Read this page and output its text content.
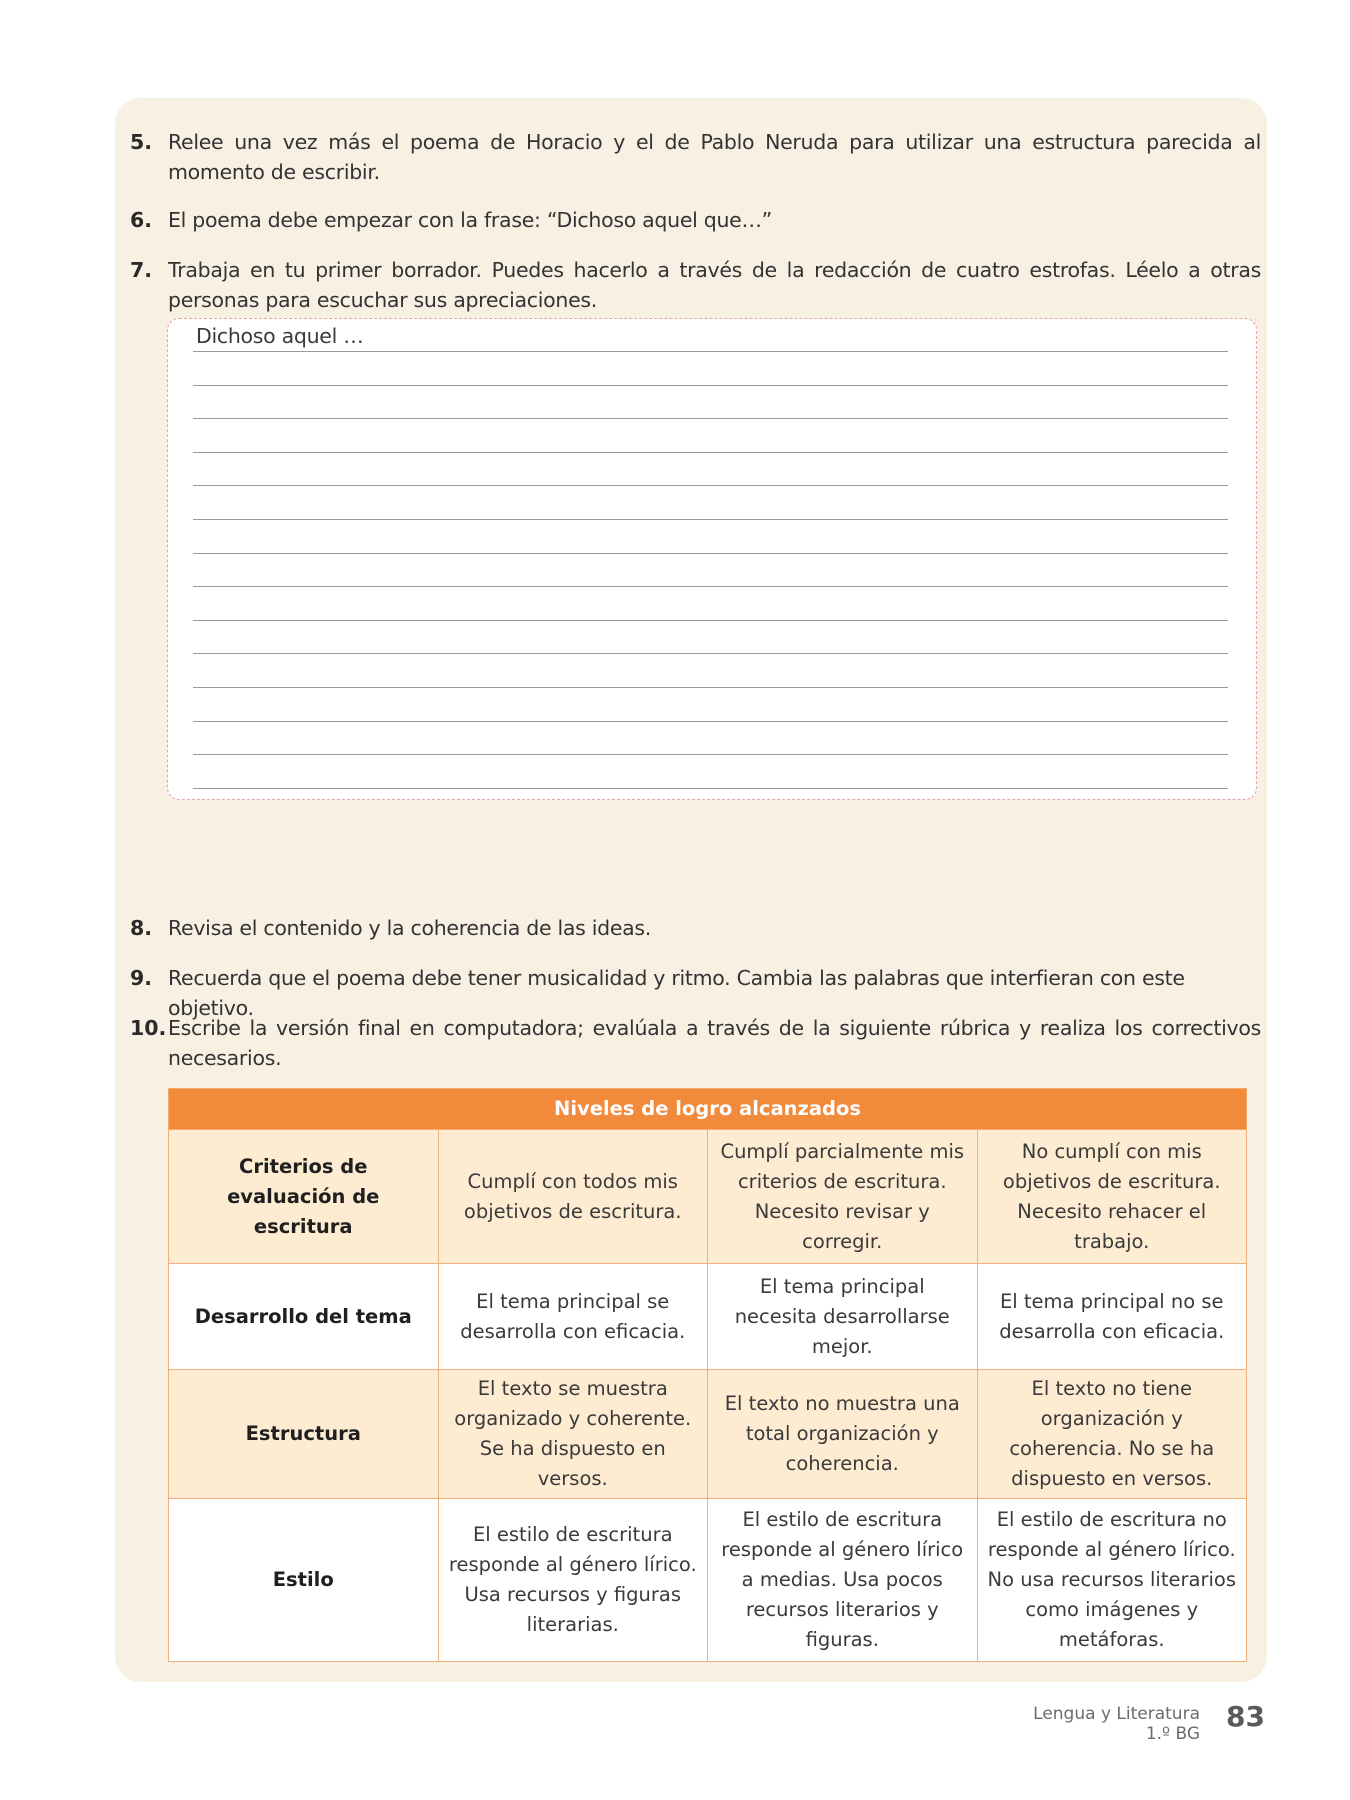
5. Relee una vez más el poema de Horacio y el de Pablo Neruda para utilizar una estructura parecida al momento de escribir.
6. El poema debe empezar con la frase: “Dichoso aquel que…”
7. Trabaja en tu primer borrador. Puedes hacerlo a través de la redacción de cuatro estrofas. Léelo a otras personas para escuchar sus apreciaciones.
Dichoso aquel …
8. Revisa el contenido y la coherencia de las ideas.
9. Recuerda que el poema debe tener musicalidad y ritmo. Cambia las palabras que interfieran con este objetivo.
10. Escribe la versión final en computadora; evalúala a través de la siguiente rúbrica y realiza los correctivos necesarios.
Niveles de logro alcanzados			
Criterios de evaluación de escritura	Cumplí con todos mis objetivos de escritura.	Cumplí parcialmente mis criterios de escritura. Necesito revisar y corregir.	No cumplí con mis objetivos de escritura. Necesito rehacer el trabajo.
Desarrollo del tema	El tema principal se desarrolla con eficacia.	El tema principal necesita desarrollarse mejor.	El tema principal no se desarrolla con eficacia.
Estructura	El texto se muestra organizado y coherente. Se ha dispuesto en versos.	El texto no muestra una total organización y coherencia.	El texto no tiene organización y coherencia. No se ha dispuesto en versos.
Estilo	El estilo de escritura responde al género lírico. Usa recursos y figuras literarias.	El estilo de escritura responde al género lírico a medias. Usa pocos recursos literarios y figuras.	El estilo de escritura no responde al género lírico. No usa recursos literarios como imágenes y metáforas.
Lengua y Literatura
1.º BG
83
